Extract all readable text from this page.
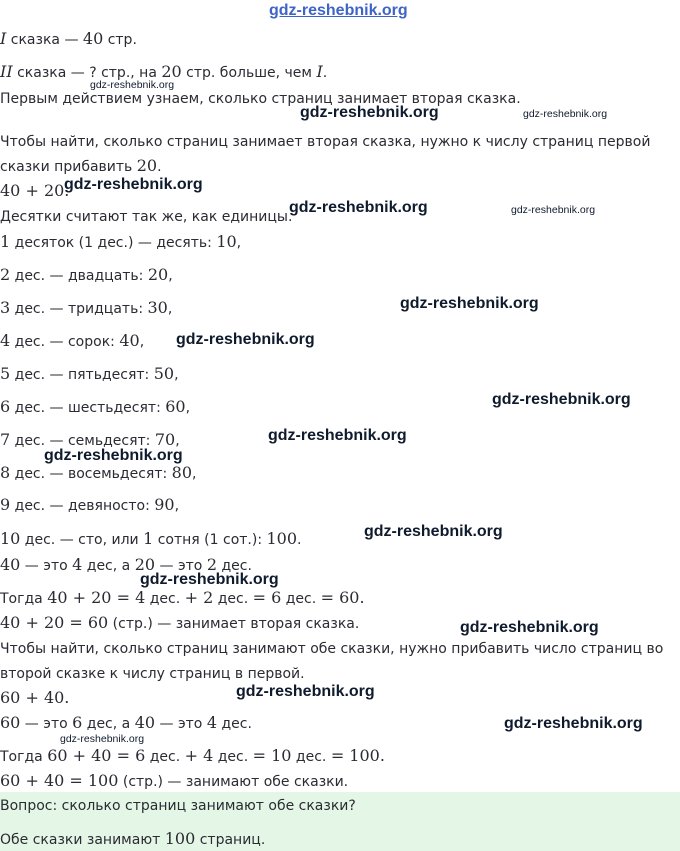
gdz-reshebnik.org
I сказка — 40 стр.
II сказка — ? стр., на 20 стр. больше, чем I.
Первым действием узнаем, сколько страниц занимает вторая сказка.
Чтобы найти, сколько страниц занимает вторая сказка, нужно к числу страниц первой
сказки прибавить 20.
40 + 20.
Десятки считают так же, как единицы.
1 десяток (1 дес.) — десять: 10,
2 дес. — двадцать: 20,
3 дес. — тридцать: 30,
4 дес. — сорок: 40,
5 дес. — пятьдесят: 50,
6 дес. — шестьдесят: 60,
7 дес. — семьдесят: 70,
8 дес. — восемьдесят: 80,
9 дес. — девяносто: 90,
10 дес. — сто, или 1 сотня (1 сот.): 100.
40 — это 4 дес, а 20 — это 2 дес.
Тогда 40 + 20 = 4 дес. + 2 дес. = 6 дес. = 60.
40 + 20 = 60 (стр.) — занимает вторая сказка.
Чтобы найти, сколько страниц занимают обе сказки, нужно прибавить число страниц во
второй сказке к числу страниц в первой.
60 + 40.
60 — это 6 дес, а 40 — это 4 дес.
Тогда 60 + 40 = 6 дес. + 4 дес. = 10 дес. = 100.
60 + 40 = 100 (стр.) — занимают обе сказки.
Вопрос: сколько страниц занимают обе сказки?
Обе сказки занимают 100 страниц.
gdz-reshebnik.org
gdz-reshebnik.org	gdz-reshebnik.org
gdz-reshebnik.org
gdz-reshebnik.org	gdz-reshebnik.org
gdz-reshebnik.org
gdz-reshebnik.org
gdz-reshebnik.org
gdz-reshebnik.org
gdz-reshebnik.org
gdz-reshebnik.org
gdz-reshebnik.org
gdz-reshebnik.org
gdz-reshebnik.org
gdz-reshebnik.org
gdz-reshebnik.org
